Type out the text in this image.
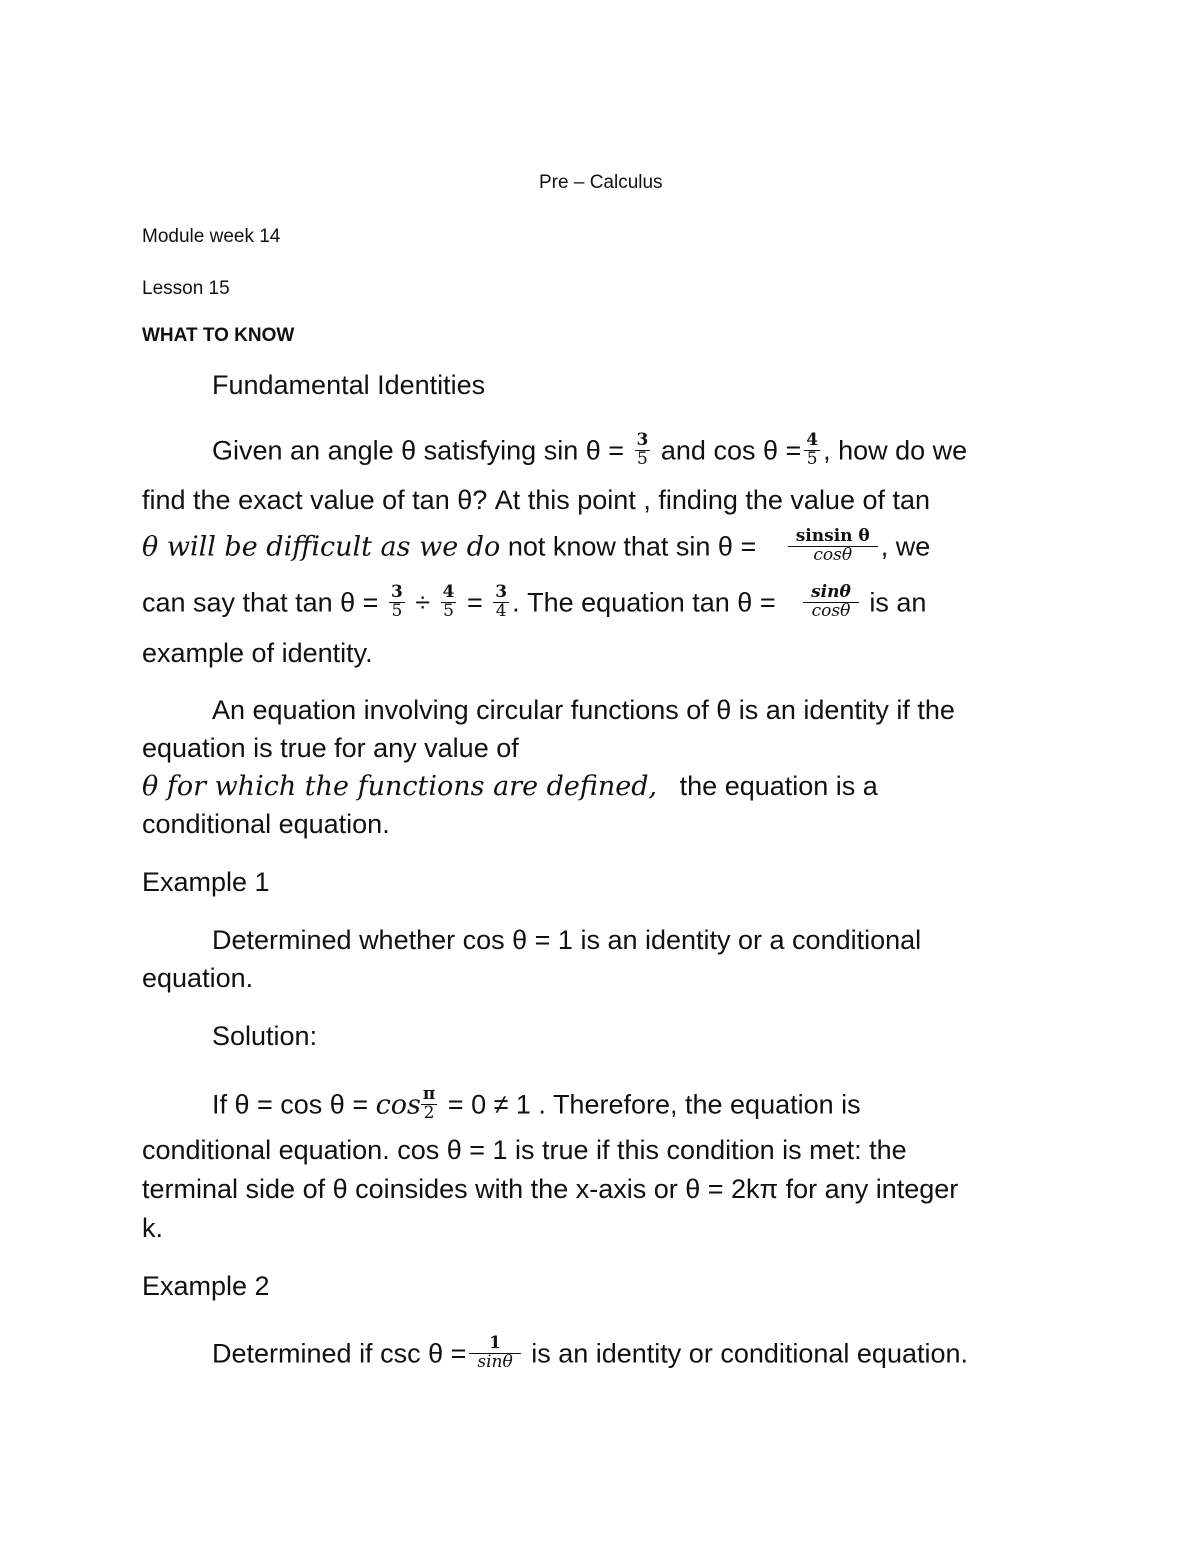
Pre – Calculus
Module week 14
Lesson 15
WHAT TO KNOW
Fundamental Identities
Given an angle θ satisfying $\sin \theta = \frac{3}{5}$ and $\cos \theta = \frac{4}{5}$ , how do we
find the exact value of tan θ? At this point , finding the value of tan
θ will be difficult as we do not know that $\sin \theta = \frac{\text{sinsin θ}}{\cos\theta}$ , we
can say that $\tan \theta = \frac{3}{5} \div \frac{4}{5} = \frac{3}{4}$ . The equation $\tan \theta = \frac{\sin\theta}{\cos\theta}$ is an
example of identity.
An equation involving circular functions of θ is an identity if the
equation is true for any value of
θ for which the functions are defined, the equation is a
conditional equation.
Example 1
Determined whether cos θ = 1 is an identity or a conditional
equation.
Solution:
If $\theta = \cos \theta = \cos \frac{\pi}{2} = 0 \ne 1$ . Therefore, the equation is
conditional equation. cos θ = 1 is true if this condition is met: the
terminal side of θ coinsides with the x-axis or θ = 2kπ for any integer
k.
Example 2
Determined if $\csc \theta = \frac{1}{\sin\theta}$ is an identity or conditional equation.
